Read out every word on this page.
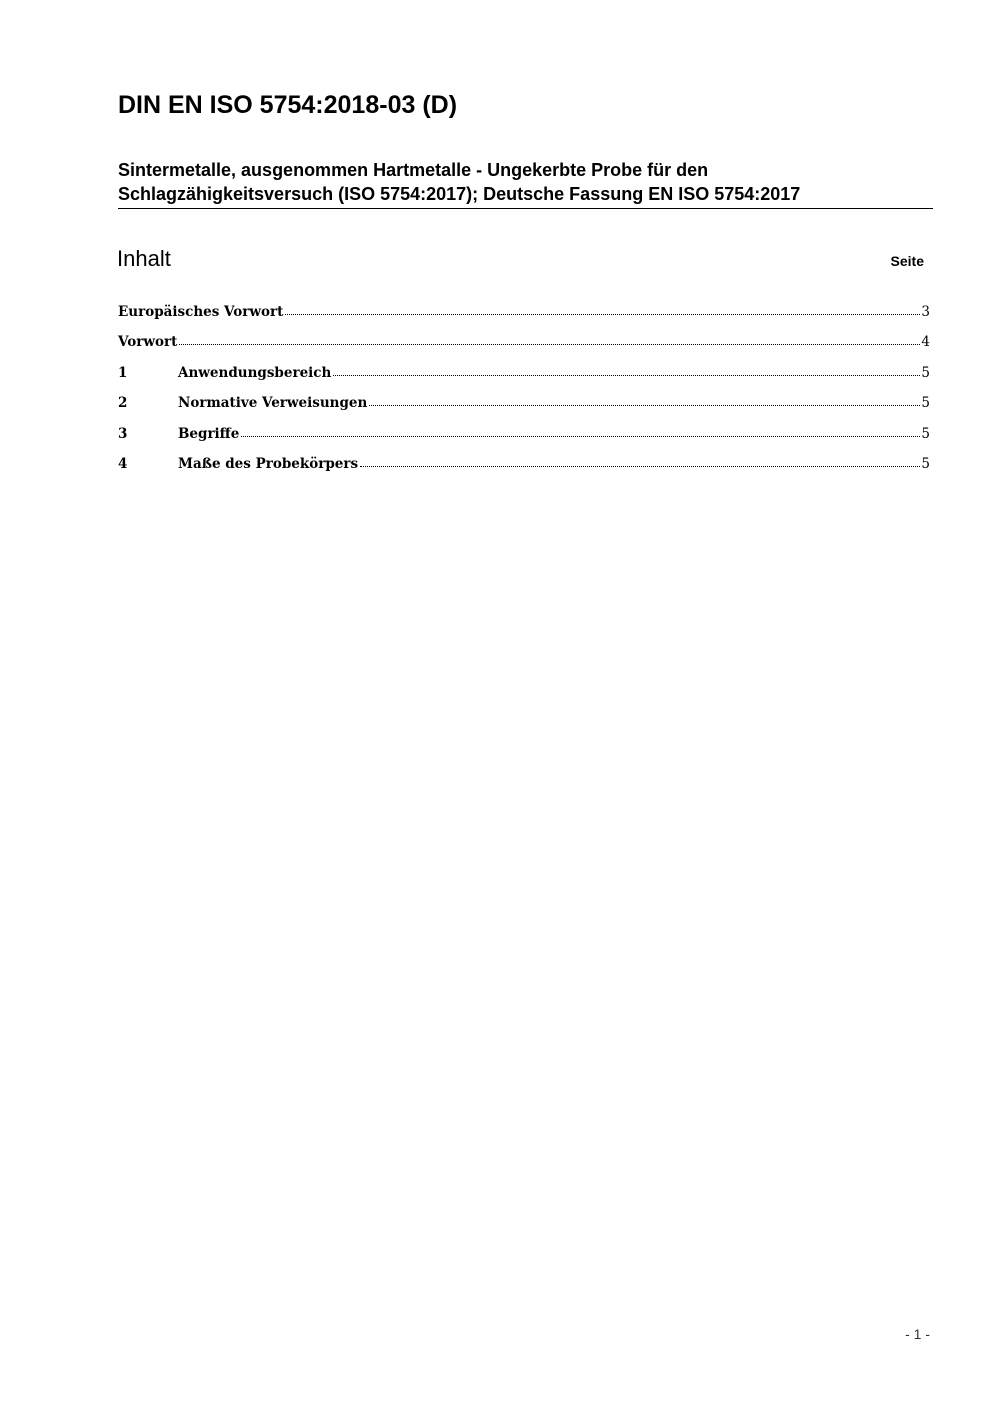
DIN EN ISO 5754:2018-03 (D)
Sintermetalle, ausgenommen Hartmetalle - Ungekerbte Probe für den
Schlagzähigkeitsversuch (ISO 5754:2017); Deutsche Fassung EN ISO 5754:2017
Inhalt	Seite
Europäisches Vorwort	3
Vorwort	4
1	Anwendungsbereich	5
2	Normative Verweisungen	5
3	Begriffe	5
4	Maße des Probekörpers	5
- 1 -
